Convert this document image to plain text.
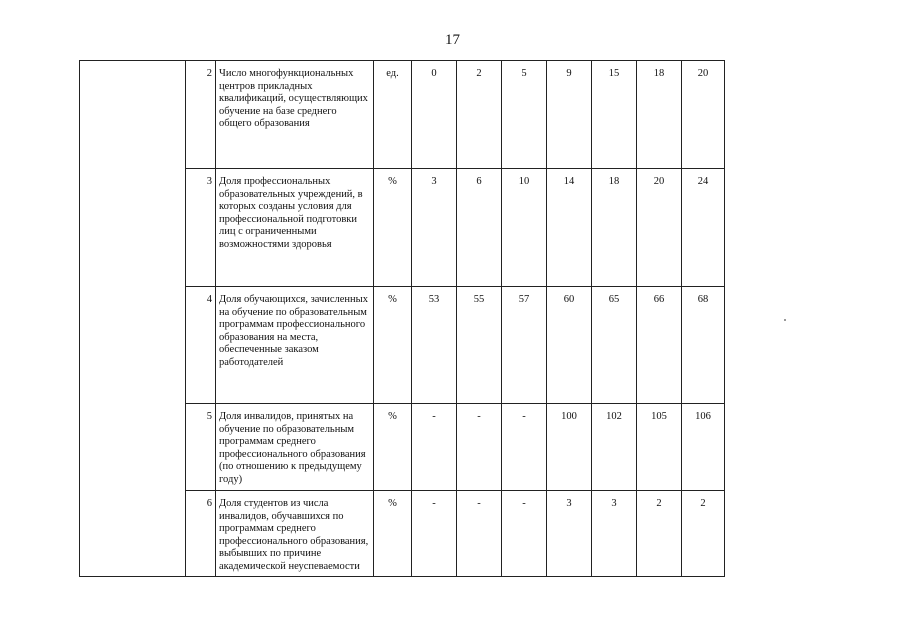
17
	2	Число многофункциональных центров прикладных квалификаций, осуществляющих обучение на базе среднего общего образования	ед.	0	2	5	9	15	18	20
	3	Доля профессиональных образовательных учреждений, в которых созданы условия для профессиональной подготовки лиц с ограниченными возможностями здоровья	%	3	6	10	14	18	20	24
	4	Доля обучающихся, зачисленных на обучение по образовательным программам профессионального образования на места, обеспеченные заказом работодателей	%	53	55	57	60	65	66	68
	5	Доля инвалидов, принятых на обучение по образовательным программам среднего профессионального образования (по отношению к предыдущему году)	%	-	-	-	100	102	105	106
	6	Доля студентов из числа инвалидов, обучавшихся по программам среднего профессионального образования, выбывших по причине академической неуспеваемости	%	-	-	-	3	3	2	2
